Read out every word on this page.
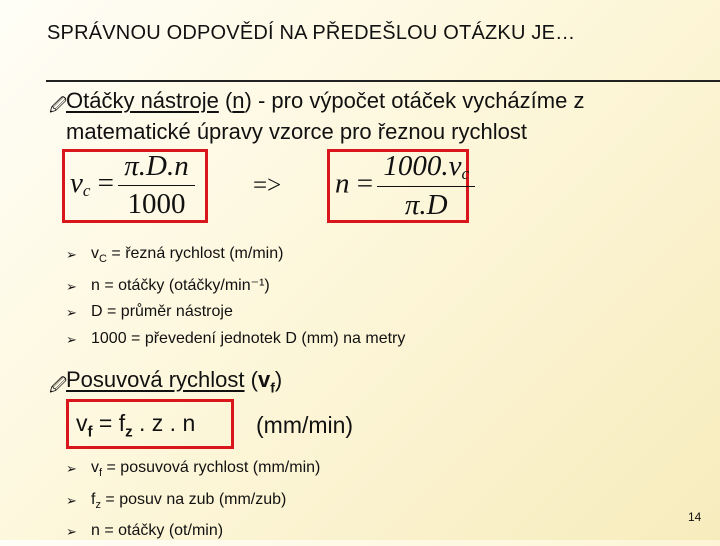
SPRÁVNOU ODPOVĚDÍ NA PŘEDEŠLOU OTÁZKU JE…
🖉
Otáčky nástroje (n) - pro výpočet otáček vycházíme z
matematické úpravy vzorce pro řeznou rychlost
$v_c = \frac{\pi.D.n}{1000} => n = \frac{1000.v_c}{\pi.D}$
➢ $v_C$ = řezná rychlost (m/min)
➢ n = otáčky (otáčky/min⁻¹)
➢ D = průměr nástroje
➢ 1000 = převedení jednotek D (mm) na metry
🖉
Posuvová rychlost $(v_f)$
$v_f = f_z$ . z . n	(mm/min)
➢ $v_f$ = posuvová rychlost (mm/min)
➢ $f_z$ = posuv na zub (mm/zub)
➢ n = otáčky (ot/min)
14
